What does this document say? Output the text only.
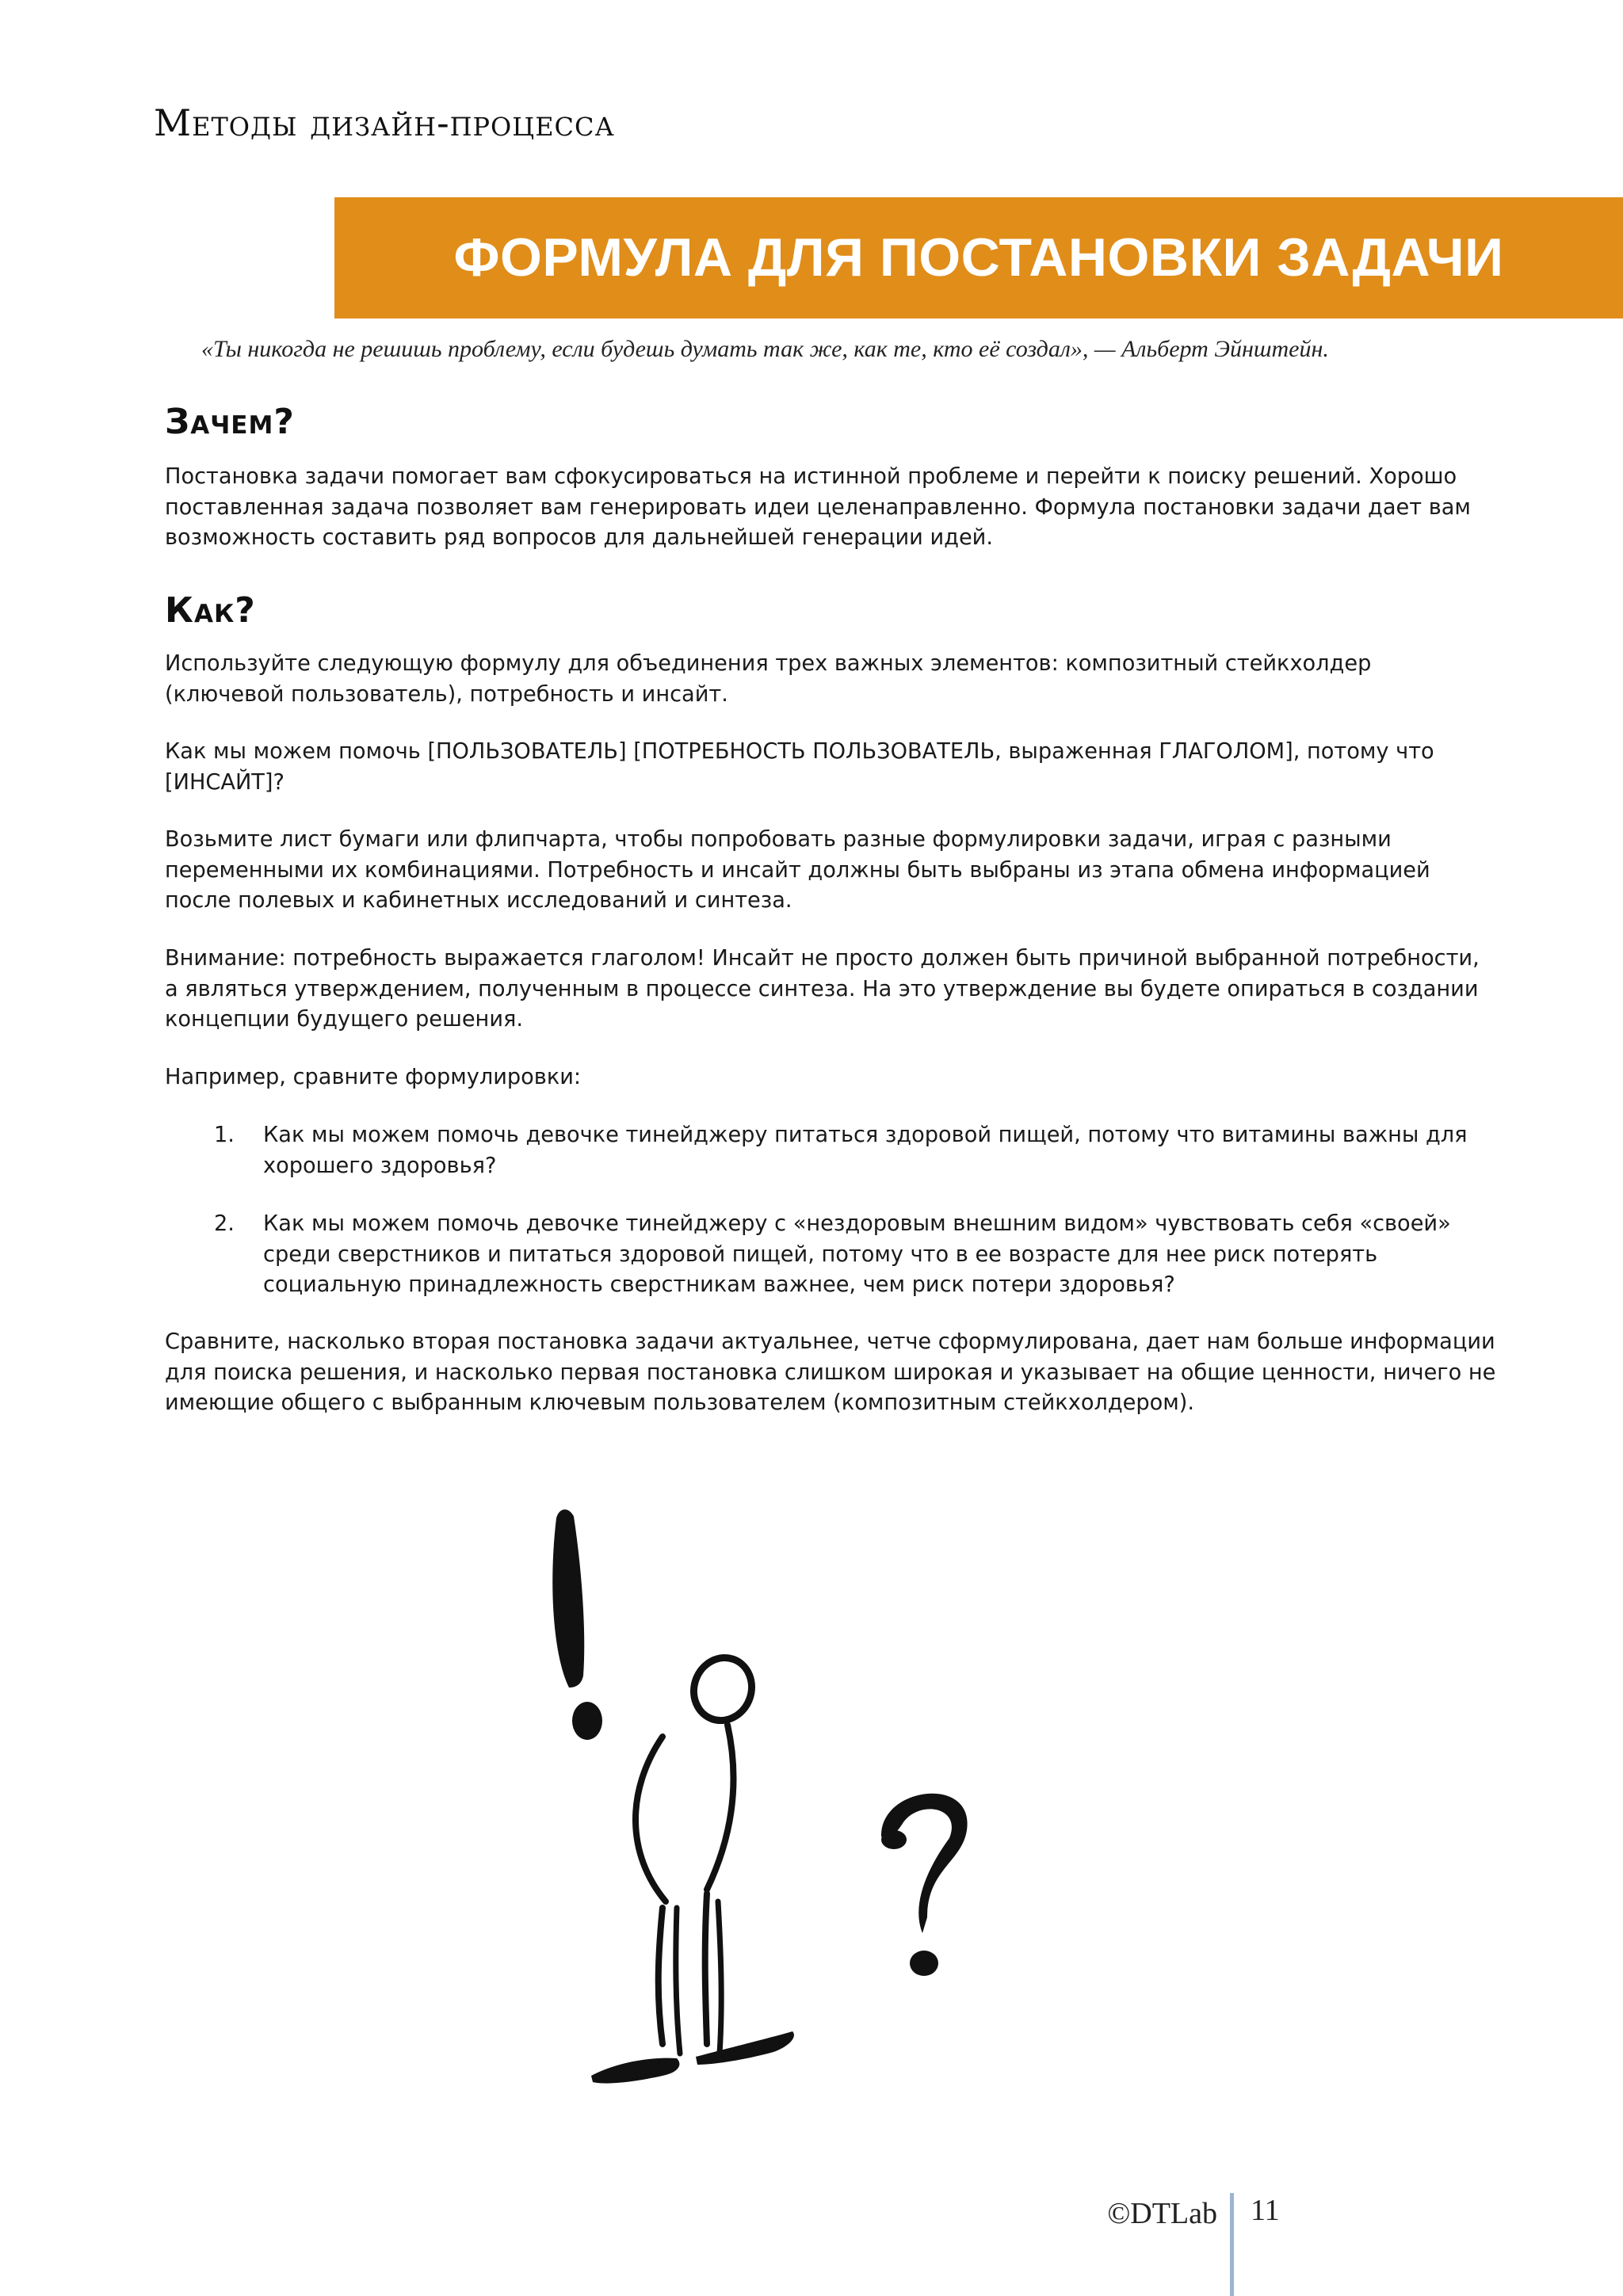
Методы дизайн-процесса
ФОРМУЛА ДЛЯ ПОСТАНОВКИ ЗАДАЧИ
«Ты никогда не решишь проблему, если будешь думать так же, как те, кто её создал», — Альберт Эйнштейн.
Зачем?
Постановка задачи помогает вам сфокусироваться на истинной проблеме и перейти к поиску решений. Хорошо поставленная задача позволяет вам генерировать идеи целенаправленно. Формула постановки задачи дает вам возможность составить ряд вопросов для дальнейшей генерации идей.
Как?
Используйте следующую формулу для объединения трех важных элементов: композитный стейкхолдер (ключевой пользователь), потребность и инсайт.
Как мы можем помочь [ПОЛЬЗОВАТЕЛЬ] [ПОТРЕБНОСТЬ ПОЛЬЗОВАТЕЛЬ, выраженная ГЛАГОЛОМ], потому что [ИНСАЙТ]?
Возьмите лист бумаги или флипчарта, чтобы попробовать разные формулировки задачи, играя с разными переменными их комбинациями. Потребность и инсайт должны быть выбраны из этапа обмена информацией после полевых и кабинетных исследований и синтеза.
Внимание: потребность выражается глаголом! Инсайт не просто должен быть причиной выбранной потребности, а являться утверждением, полученным в процессе синтеза. На это утверждение вы будете опираться в создании концепции будущего решения.
Например, сравните формулировки:
1. Как мы можем помочь девочке тинейджеру питаться здоровой пищей, потому что витамины важны для хорошего здоровья?
2. Как мы можем помочь девочке тинейджеру с «нездоровым внешним видом» чувствовать себя «своей» среди сверстников и питаться здоровой пищей, потому что в ее возрасте для нее риск потерять социальную принадлежность сверстникам важнее, чем риск потери здоровья?
Сравните, насколько вторая постановка задачи актуальнее, четче сформулирована, дает нам больше информации для поиска решения, и насколько первая постановка слишком широкая и указывает на общие ценности, ничего не имеющие общего с выбранным ключевым пользователем (композитным стейкхолдером).
©DTLab 11
